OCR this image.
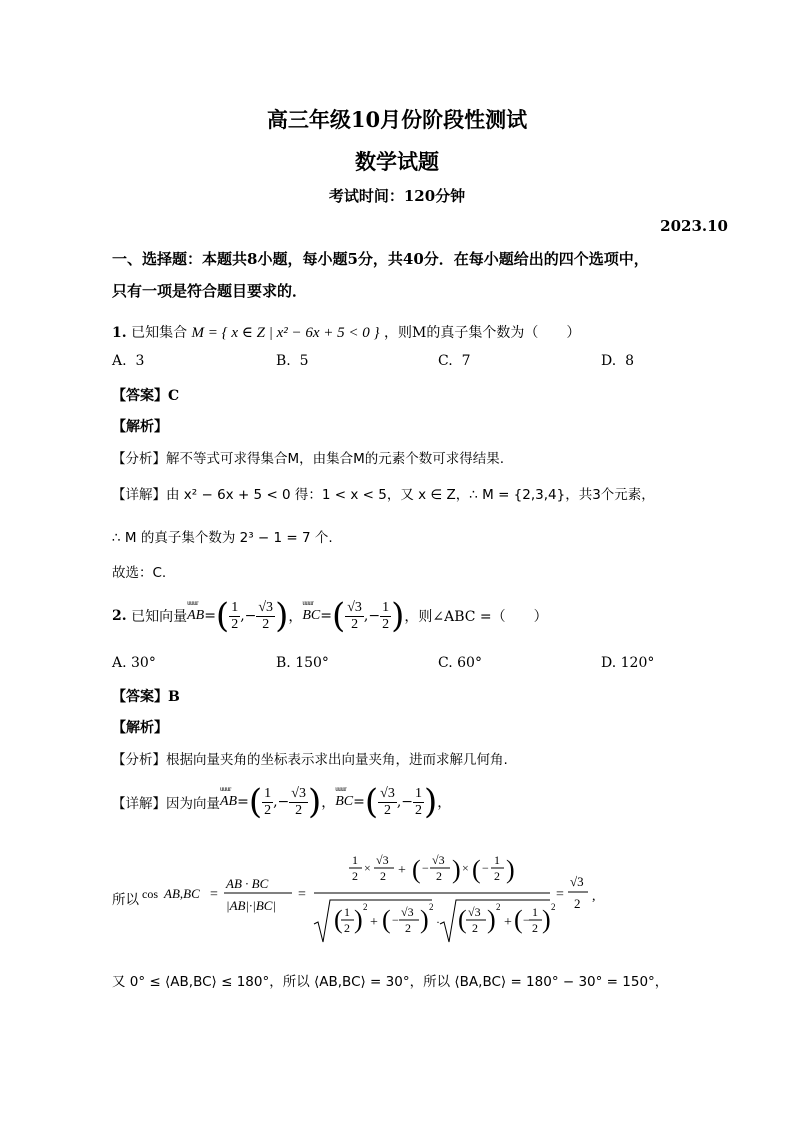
高三年级10月份阶段性测试
数学试题
考试时间：120分钟
2023.10
一、选择题：本题共8小题，每小题5分，共40分．在每小题给出的四个选项中，
只有一项是符合题目要求的．
1. 已知集合 M = { x ∈ Z | x² − 6x + 5 < 0 } ，则M的真子集个数为（　　）
A. 3	B. 5	C. 7	D. 8
【答案】C
【解析】
【分析】解不等式可求得集合M，由集合M的元素个数可求得结果.
【详解】由 x² − 6x + 5 < 0 得：1 < x < 5，又 x ∈ Z，∴ M = {2,3,4}，共3个元素，
∴ M 的真子集个数为 2³ − 1 = 7 个.
故选：C.
2.
已知向量 uuur AB = ( $\frac{1}{2}$ ,− $\frac{√3}{2}$ ) ， uuur BC = ( $\frac{√3}{2}$ ,− $\frac{1}{2}$ ) ，则∠ABC =（　　）
A. 30°	B. 150°	C. 60°	D. 120°
【答案】B
【解析】
【分析】根据向量夹角的坐标表示求出向量夹角，进而求解几何角.
【详解】因为向量 uuur AB = ( $\frac{1}{2}$ ,− $\frac{√3}{2}$ ) ， uuur BC = ( $\frac{√3}{2}$ ,− $\frac{1}{2}$ ) ，
所以 cos AB,BC =
AB · BC
|AB|·|BC|
=
1
2
×
√3
2 + ( −
√3
2 ) × ( −
1
2 )
( 1
2 ) 2
+ ( −
√3
2 ) 2
· ( √3
2 ) 2
+ ( −
1
2 ) 2
=
√3
2 ,
又 0° ≤ ⟨AB,BC⟩ ≤ 180°，所以 ⟨AB,BC⟩ = 30°，所以 ⟨BA,BC⟩ = 180° − 30° = 150°，
